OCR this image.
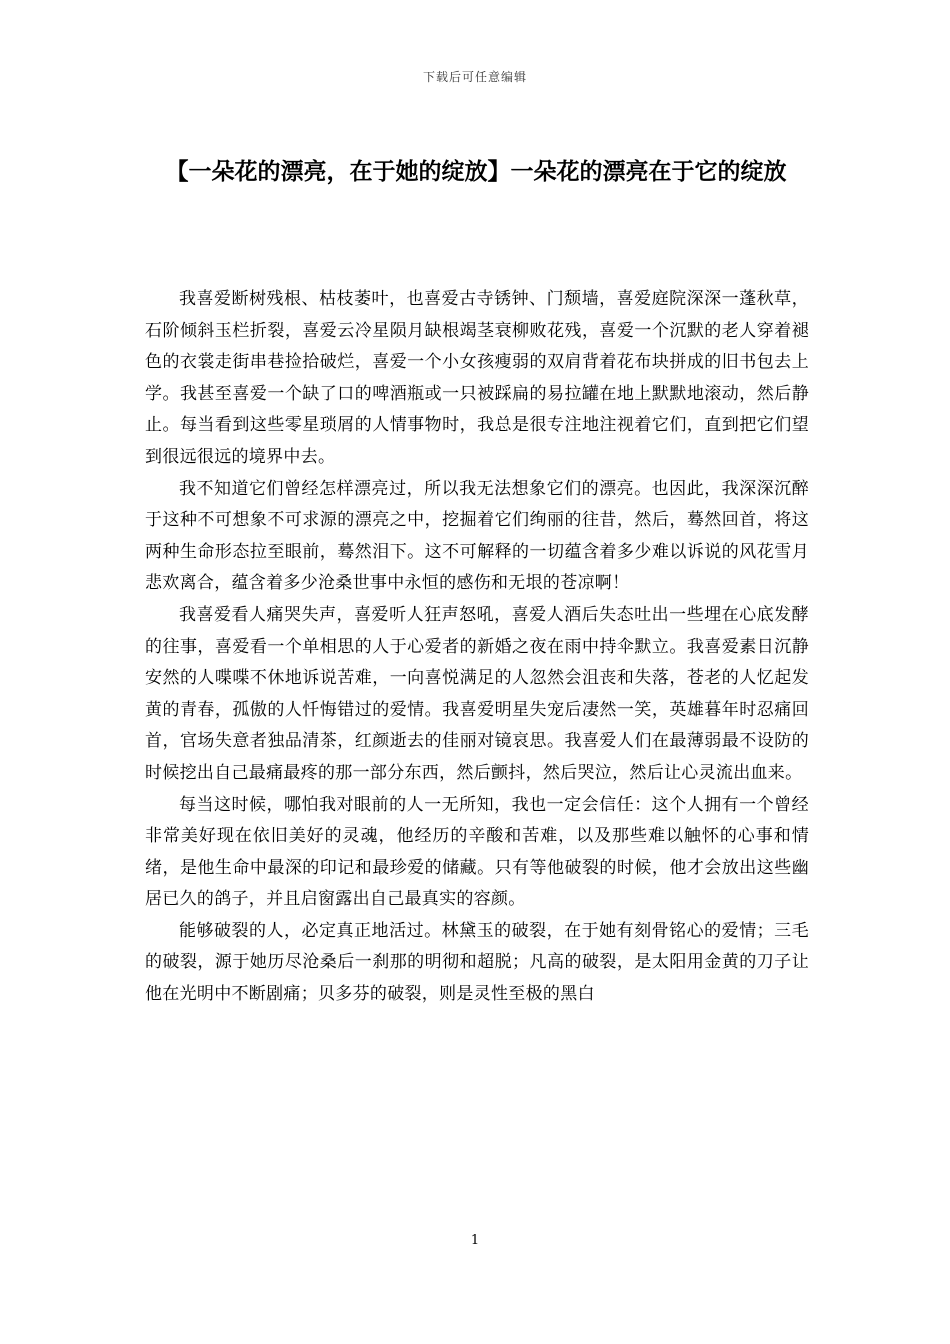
下载后可任意编辑
【一朵花的漂亮，在于她的绽放】一朵花的漂亮在于它的绽放

我喜爱断树残根、枯枝萎叶，也喜爱古寺锈钟、门颓墙，喜爱庭院深深一蓬秋草，石阶倾斜玉栏折裂，喜爱云冷星陨月缺根竭茎衰柳败花残，喜爱一个沉默的老人穿着褪色的衣裳走街串巷捡拾破烂，喜爱一个小女孩瘦弱的双肩背着花布块拼成的旧书包去上学。我甚至喜爱一个缺了口的啤酒瓶或一只被踩扁的易拉罐在地上默默地滚动，然后静止。每当看到这些零星琐屑的人情事物时，我总是很专注地注视着它们，直到把它们望到很远很远的境界中去。

我不知道它们曾经怎样漂亮过，所以我无法想象它们的漂亮。也因此，我深深沉醉于这种不可想象不可求源的漂亮之中，挖掘着它们绚丽的往昔，然后，蓦然回首，将这两种生命形态拉至眼前，蓦然泪下。这不可解释的一切蕴含着多少难以诉说的风花雪月悲欢离合，蕴含着多少沧桑世事中永恒的感伤和无垠的苍凉啊！

我喜爱看人痛哭失声，喜爱听人狂声怒吼，喜爱人酒后失态吐出一些埋在心底发酵的往事，喜爱看一个单相思的人于心爱者的新婚之夜在雨中持伞默立。我喜爱素日沉静安然的人喋喋不休地诉说苦难，一向喜悦满足的人忽然会沮丧和失落，苍老的人忆起发黄的青春，孤傲的人忏悔错过的爱情。我喜爱明星失宠后凄然一笑，英雄暮年时忍痛回首，官场失意者独品清茶，红颜逝去的佳丽对镜哀思。我喜爱人们在最薄弱最不设防的时候挖出自己最痛最疼的那一部分东西，然后颤抖，然后哭泣，然后让心灵流出血来。

每当这时候，哪怕我对眼前的人一无所知，我也一定会信任：这个人拥有一个曾经非常美好现在依旧美好的灵魂，他经历的辛酸和苦难，以及那些难以触怀的心事和情绪，是他生命中最深的印记和最珍爱的储藏。只有等他破裂的时候，他才会放出这些幽居已久的鸽子，并且启窗露出自己最真实的容颜。

能够破裂的人，必定真正地活过。林黛玉的破裂，在于她有刻骨铭心的爱情；三毛的破裂，源于她历尽沧桑后一刹那的明彻和超脱；凡高的破裂，是太阳用金黄的刀子让他在光明中不断剧痛；贝多芬的破裂，则是灵性至极的黑白

1
